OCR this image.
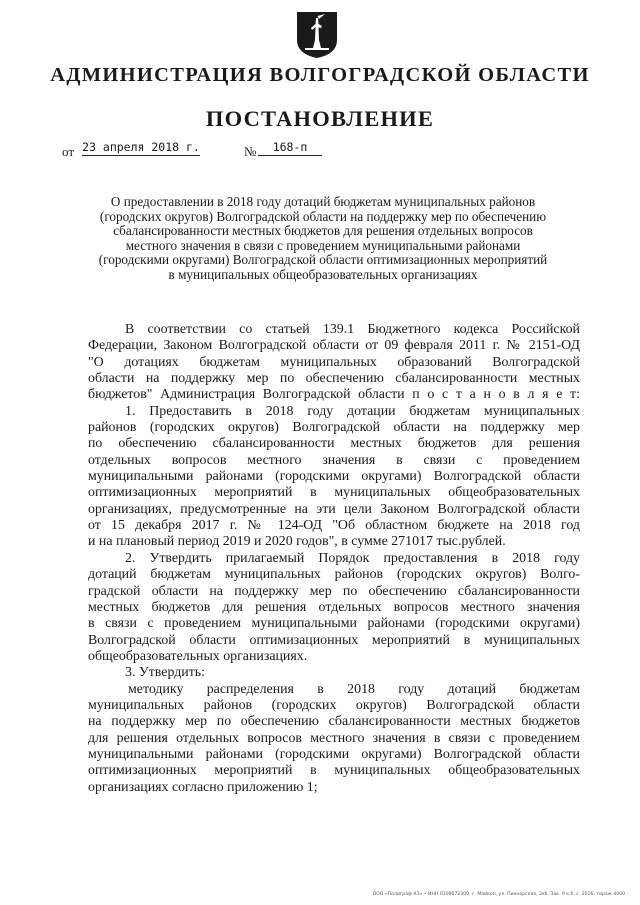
АДМИНИСТРАЦИЯ ВОЛГОГРАДСКОЙ ОБЛАСТИ
ПОСТАНОВЛЕНИЕ
от 23 апреля 2018 г.	№	168-п
О предоставлении в 2018 году дотаций бюджетам муниципальных районов
(городских округов) Волгоградской области на поддержку мер по обеспечению
сбалансированности местных бюджетов для решения отдельных вопросов
местного значения в связи с проведением муниципальными районами
(городскими округами) Волгоградской области оптимизационных мероприятий
в муниципальных общеобразовательных организациях
В соответствии со статьей 139.1 Бюджетного кодекса Российской
Федерации, Законом Волгоградской области от 09 февраля 2011 г. № 2151-ОД
"О дотациях бюджетам муниципальных образований Волгоградской
области на поддержку мер по обеспечению сбалансированности местных
бюджетов" Администрация Волгоградской области п о с т а н о в л я е т:
1. Предоставить в 2018 году дотации бюджетам муниципальных
районов (городских округов) Волгоградской области на поддержку мер
по обеспечению сбалансированности местных бюджетов для решения
отдельных вопросов местного значения в связи с проведением
муниципальными районами (городскими округами) Волгоградской области
оптимизационных мероприятий в муниципальных общеобразовательных
организациях, предусмотренные на эти цели Законом Волгоградской области
от 15 декабря 2017 г. № 124-ОД "Об областном бюджете на 2018 год
и на плановый период 2019 и 2020 годов", в сумме 271017 тыс.рублей.
2. Утвердить прилагаемый Порядок предоставления в 2018 году
дотаций бюджетам муниципальных районов (городских округов) Волго-
градской области на поддержку мер по обеспечению сбалансированности
местных бюджетов для решения отдельных вопросов местного значения
в связи с проведением муниципальными районами (городскими округами)
Волгоградской области оптимизационных мероприятий в муниципальных
общеобразовательных организациях.
3. Утвердить:
методику распределения в 2018 году дотаций бюджетам
муниципальных районов (городских округов) Волгоградской области
на поддержку мер по обеспечению сбалансированности местных бюджетов
для решения отдельных вопросов местного значения в связи с проведением
муниципальными районами (городскими округами) Волгоградской области
оптимизационных мероприятий в муниципальных общеобразовательных
организациях согласно приложению 1;
ООО «Полиграф КЗ» • ИНН 0109072309, г. Майкоп, ул. Пионерская, 2кб. Зак. 9 к.б. с. 2016, тираж 4000
